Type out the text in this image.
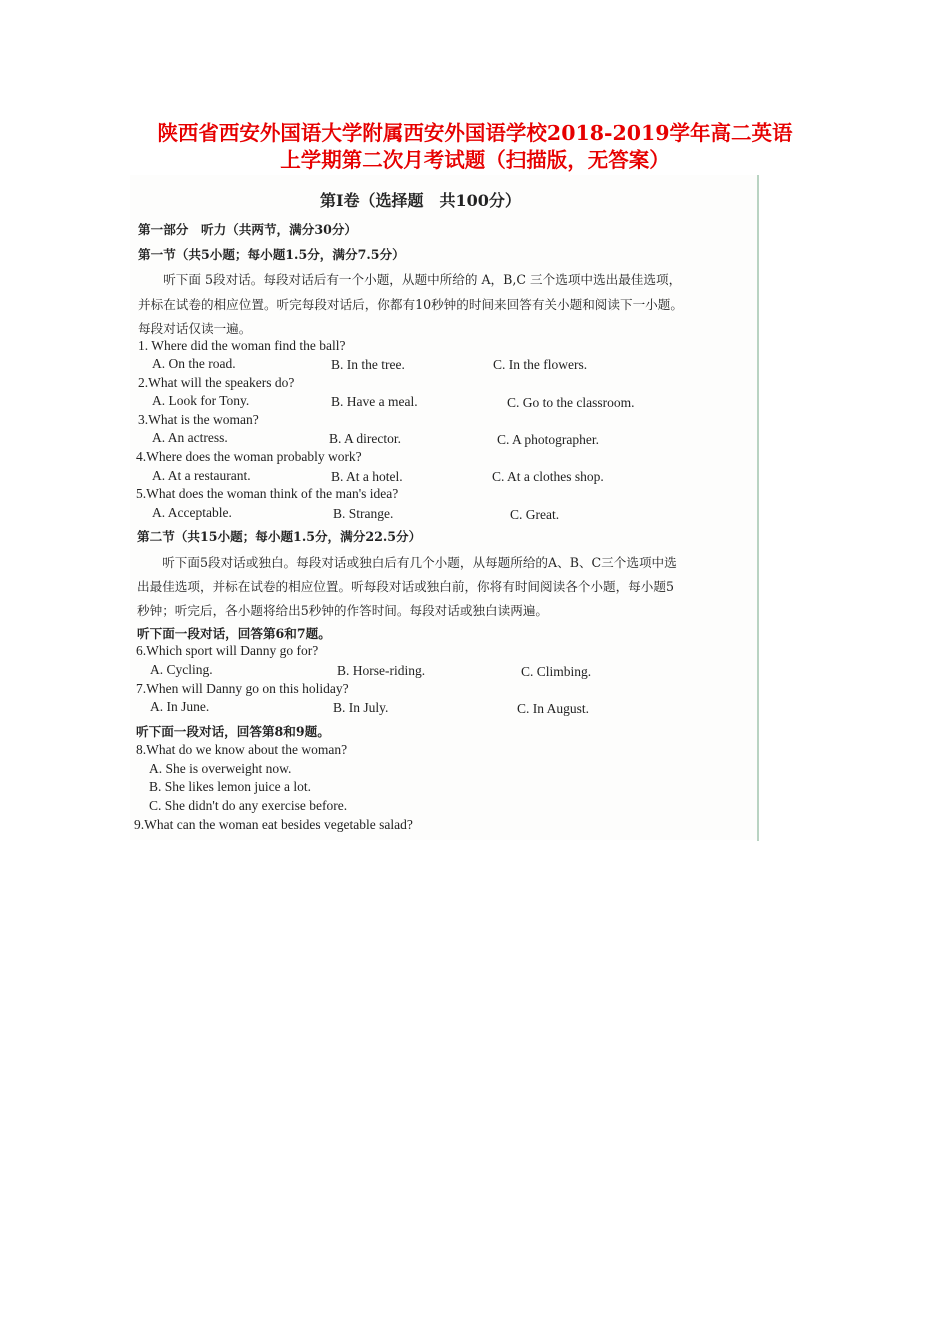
陕西省西安外国语大学附属西安外国语学校2018-2019学年高二英语
上学期第二次月考试题（扫描版，无答案）
第Ⅰ卷（选择题　共100分）
第一部分　听力（共两节，满分30分）
第一节（共5小题；每小题1.5分，满分7.5分）
　　听下面 5段对话。每段对话后有一个小题，从题中所给的 A，B,C 三个选项中选出最佳选项，
并标在试卷的相应位置。听完每段对话后，你都有10秒钟的时间来回答有关小题和阅读下一小题。
每段对话仅读一遍。
1. Where did the woman find the ball?
A. On the road.	B. In the tree.	C. In the flowers.
2.What will the speakers do?
A. Look for Tony.	B. Have a meal.	C. Go to the classroom.
3.What is the woman?
A. An actress.	B. A director.	C. A photographer.
4.Where does the woman probably work?
A. At a restaurant.	B. At a hotel.	C. At a clothes shop.
5.What does the woman think of the man's idea?
A. Acceptable.	B. Strange.	C. Great.
第二节（共15小题；每小题1.5分，满分22.5分）
　　听下面5段对话或独白。每段对话或独白后有几个小题，从每题所给的A、B、C三个选项中选
出最佳选项，并标在试卷的相应位置。听每段对话或独白前，你将有时间阅读各个小题，每小题5
秒钟；听完后，各小题将给出5秒钟的作答时间。每段对话或独白读两遍。
听下面一段对话，回答第6和7题。
6.Which sport will Danny go for?
A. Cycling.	B. Horse-riding.	C. Climbing.
7.When will Danny go on this holiday?
A. In June.	B. In July.	C. In August.
听下面一段对话，回答第8和9题。
8.What do we know about the woman?
A. She is overweight now.
B. She likes lemon juice a lot.
C. She didn't do any exercise before.
9.What can the woman eat besides vegetable salad?
